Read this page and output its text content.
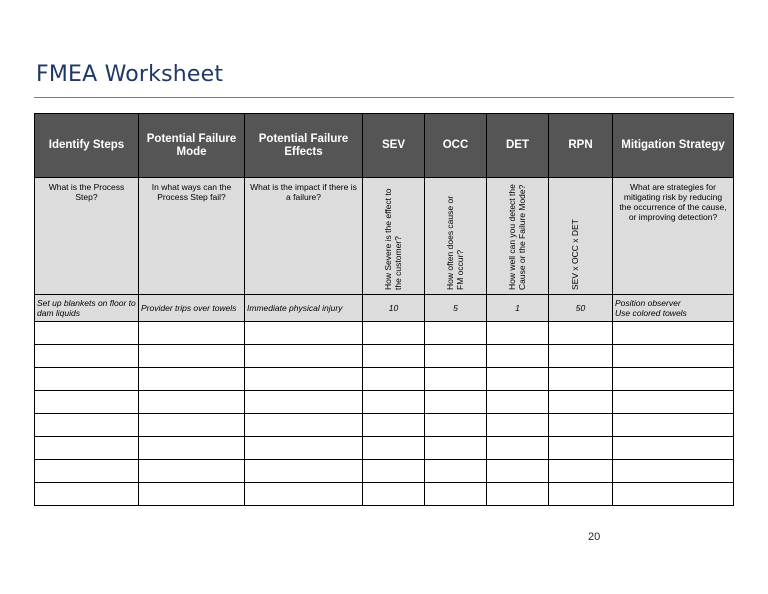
FMEA Worksheet
Identify Steps	Potential Failure Mode	Potential Failure Effects	SEV	OCC	DET	RPN	Mitigation Strategy

What is the Process Step?	In what ways can the Process Step fail?	What is the impact if there is a failure?	How Severe is the effect to the customer?	How often does cause or FM occur?	How well can you detect the Cause or the Failure Mode?	SEV x OCC x DET	What are strategies for mitigating risk by reducing the occurrence of the cause, or improving detection?

Set up blankets on floor to dam liquids	Provider trips over towels	Immediate physical injury	10	5	1	50	Position observer
Use colored towels

20
